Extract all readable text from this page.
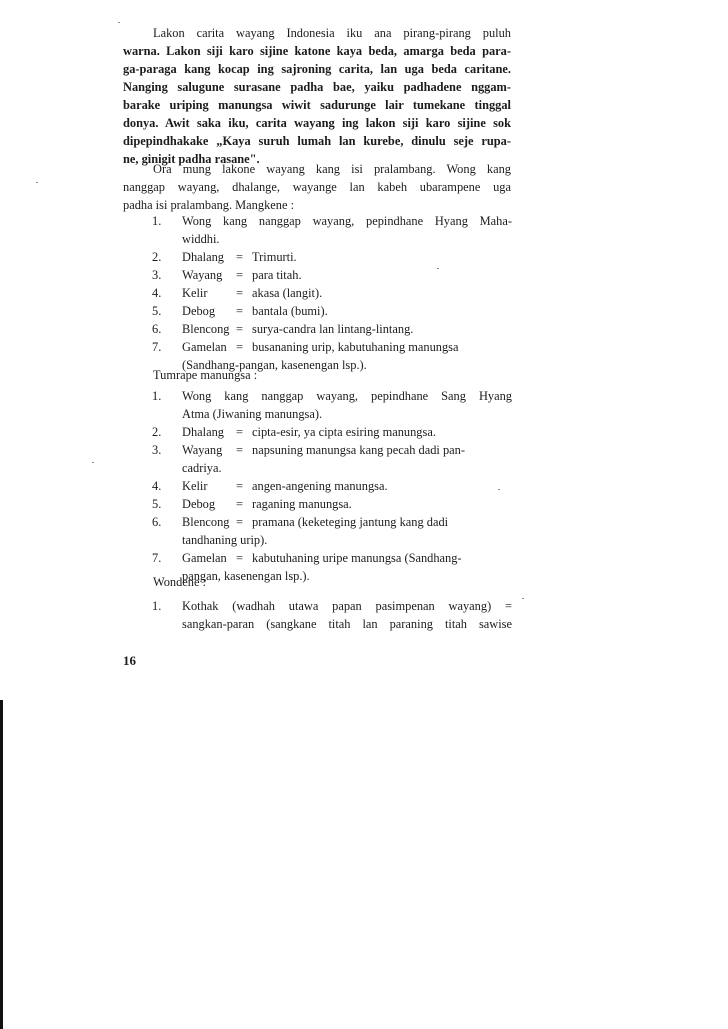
Lakon carita wayang Indonesia iku ana pirang-pirang puluh
warna. Lakon siji karo sijine katone kaya beda, amarga beda para-
ga-paraga kang kocap ing sajroning carita, lan uga beda caritane.
Nanging salugune surasane padha bae, yaiku padhadene nggam-
barake uriping manungsa wiwit sadurunge lair tumekane tinggal
donya. Awit saka iku, carita wayang ing lakon siji karo sijine sok
dipepindhakake „Kaya suruh lumah lan kurebe, dinulu seje rupa-
ne, ginigit padha rasane".
Ora mung lakone wayang kang isi pralambang. Wong kang
nanggap wayang, dhalange, wayange lan kabeh ubarampene uga
padha isi pralambang. Mangkene :
1.	Wong kang nanggap wayang, pepindhane Hyang Maha-
widdhi.
2.	Dhalang = Trimurti.
3.	Wayang = para titah.
4.	Kelir = akasa (langit).
5.	Debog = bantala (bumi).
6.	Blencong = surya-candra lan lintang-lintang.
7.	Gamelan = busananing urip, kabutuhaning manungsa
(Sandhang-pangan, kasenengan lsp.).
Tumrape manungsa :
1.	Wong kang nanggap wayang, pepindhane Sang Hyang
Atma (Jiwaning manungsa).
2.	Dhalang = cipta-esir, ya cipta esiring manungsa.
3.	Wayang = napsuning manungsa kang pecah dadi pan-
cadriya.
4.	Kelir = angen-angening manungsa.
5.	Debog = raganing manungsa.
6.	Blencong = pramana (keketeging jantung kang dadi
tandhaning urip).
7.	Gamelan = kabutuhaning uripe manungsa (Sandhang-
pangan, kasenengan lsp.).
Wondene :
1.	Kothak (wadhah utawa papan pasimpenan wayang) =
sangkan-paran (sangkane titah lan paraning titah sawise
16
